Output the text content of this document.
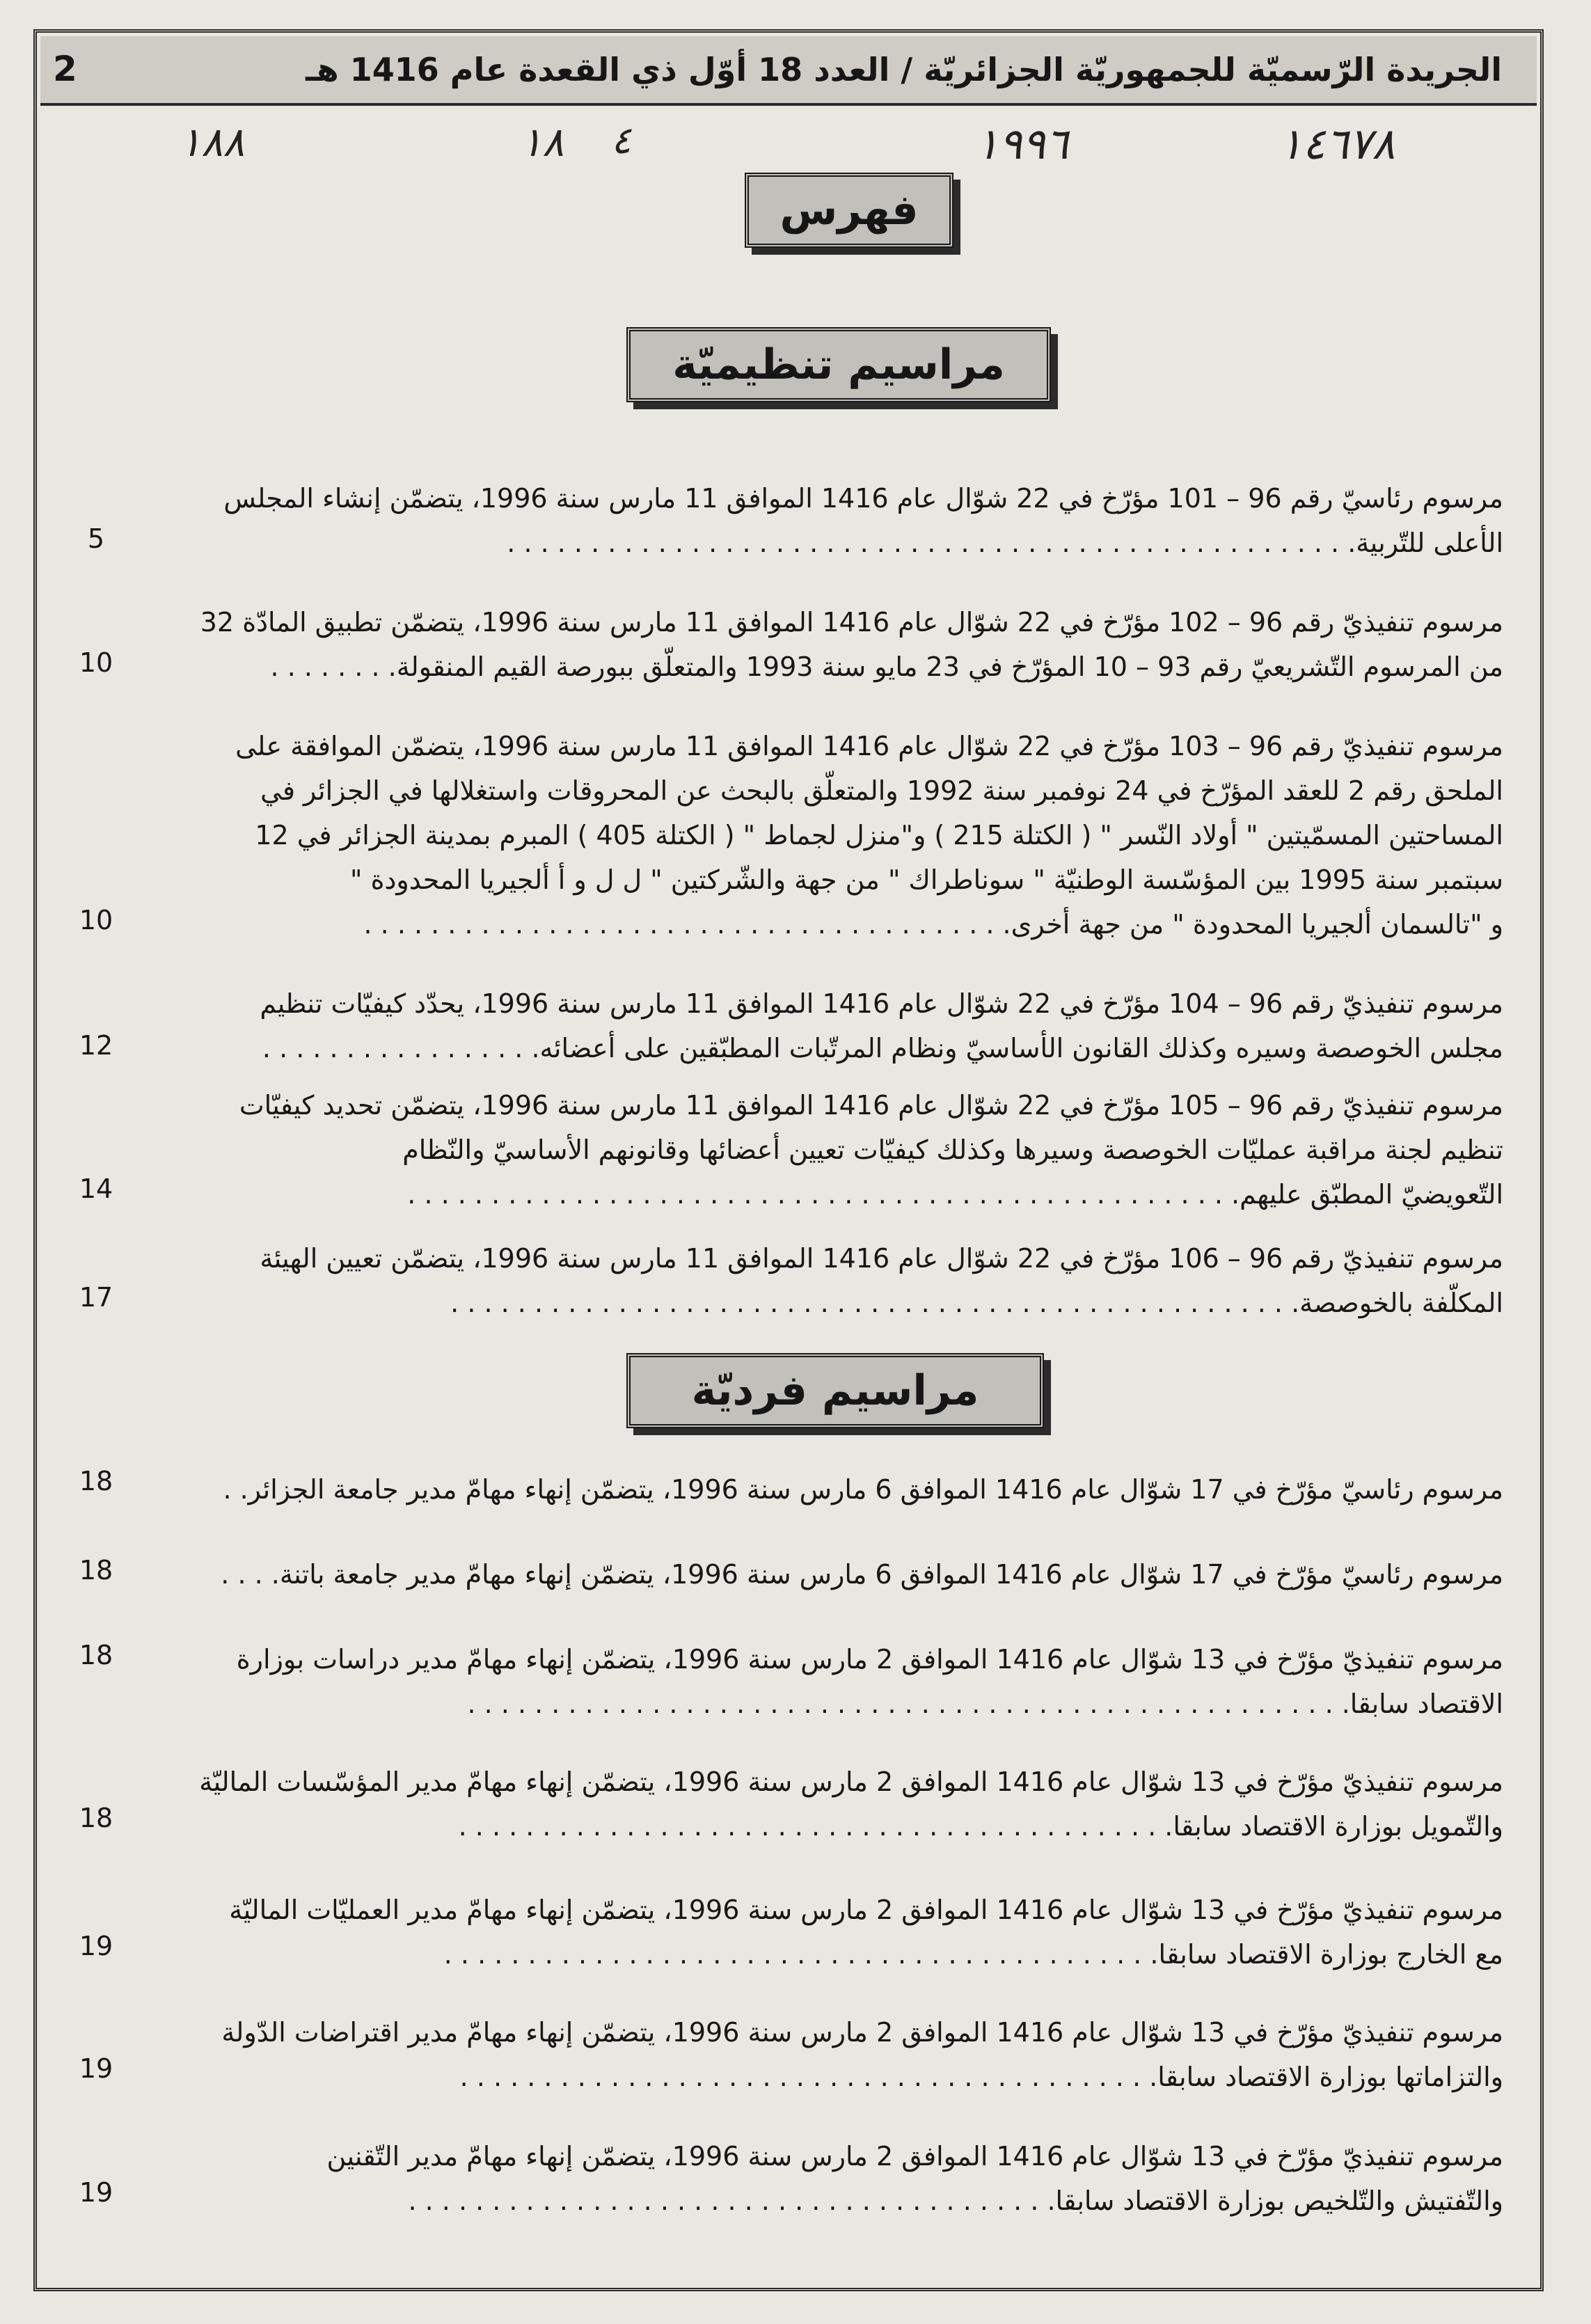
الجريدة الرّسميّة للجمهوريّة الجزائريّة / العدد 18 أوّل ذي القعدة عام 1416 هـ
2
١٨٨	١٨ ٤	١٩٩٦	١٤٦٧٨
فهرس
مراسيم تنظيميّة
مراسيم فرديّة
مرسوم رئاسيّ رقم 96 – 101 مؤرّخ في 22 شوّال عام 1416 الموافق 11 مارس سنة 1996، يتضمّن إنشاء المجلس
الأعلى للتّربية. . . . . . . . . . . . . . . . . . . . . . . . . . . . . . . . . . . . . . . . . . . . . . . . . . .
5
مرسوم تنفيذيّ رقم 96 – 102 مؤرّخ في 22 شوّال عام 1416 الموافق 11 مارس سنة 1996، يتضمّن تطبيق المادّة 32
من المرسوم التّشريعيّ رقم 93 – 10 المؤرّخ في 23 مايو سنة 1993 والمتعلّق ببورصة القيم المنقولة. . . . . . . .
10
مرسوم تنفيذيّ رقم 96 – 103 مؤرّخ في 22 شوّال عام 1416 الموافق 11 مارس سنة 1996، يتضمّن الموافقة على
الملحق رقم 2 للعقد المؤرّخ في 24 نوفمبر سنة 1992 والمتعلّق بالبحث عن المحروقات واستغلالها في الجزائر في
المساحتين المسمّيتين " أولاد النّسر " ( الكتلة 215 ) و"منزل لجماط " ( الكتلة 405 ) المبرم بمدينة الجزائر في 12
سبتمبر سنة 1995 بين المؤسّسة الوطنيّة " سوناطراك " من جهة والشّركتين " ل ل و أ ألجيريا المحدودة "
و "تالسمان ألجيريا المحدودة " من جهة أخرى. . . . . . . . . . . . . . . . . . . . . . . . . . . . . . . . . . . . . . .
10
مرسوم تنفيذيّ رقم 96 – 104 مؤرّخ في 22 شوّال عام 1416 الموافق 11 مارس سنة 1996، يحدّد كيفيّات تنظيم
مجلس الخوصصة وسيره وكذلك القانون الأساسيّ ونظام المرتّبات المطبّقين على أعضائه. . . . . . . . . . . . . . . . .
12
مرسوم تنفيذيّ رقم 96 – 105 مؤرّخ في 22 شوّال عام 1416 الموافق 11 مارس سنة 1996، يتضمّن تحديد كيفيّات
تنظيم لجنة مراقبة عمليّات الخوصصة وسيرها وكذلك كيفيّات تعيين أعضائها وقانونهم الأساسيّ والنّظام
التّعويضيّ المطبّق عليهم. . . . . . . . . . . . . . . . . . . . . . . . . . . . . . . . . . . . . . . . . . . . . . . . . .
14
مرسوم تنفيذيّ رقم 96 – 106 مؤرّخ في 22 شوّال عام 1416 الموافق 11 مارس سنة 1996، يتضمّن تعيين الهيئة
المكلّفة بالخوصصة. . . . . . . . . . . . . . . . . . . . . . . . . . . . . . . . . . . . . . . . . . . . . . . . . . .
17
مرسوم رئاسيّ مؤرّخ في 17 شوّال عام 1416 الموافق 6 مارس سنة 1996، يتضمّن إنهاء مهامّ مدير جامعة الجزائر. .
18
مرسوم رئاسيّ مؤرّخ في 17 شوّال عام 1416 الموافق 6 مارس سنة 1996، يتضمّن إنهاء مهامّ مدير جامعة باتنة. . . .
18
مرسوم تنفيذيّ مؤرّخ في 13 شوّال عام 1416 الموافق 2 مارس سنة 1996، يتضمّن إنهاء مهامّ مدير دراسات بوزارة
الاقتصاد سابقا. . . . . . . . . . . . . . . . . . . . . . . . . . . . . . . . . . . . . . . . . . . . . . . . . . . . .
18
مرسوم تنفيذيّ مؤرّخ في 13 شوّال عام 1416 الموافق 2 مارس سنة 1996، يتضمّن إنهاء مهامّ مدير المؤسّسات الماليّة
والتّمويل بوزارة الاقتصاد سابقا. . . . . . . . . . . . . . . . . . . . . . . . . . . . . . . . . . . . . . . . . . .
18
مرسوم تنفيذيّ مؤرّخ في 13 شوّال عام 1416 الموافق 2 مارس سنة 1996، يتضمّن إنهاء مهامّ مدير العمليّات الماليّة
مع الخارج بوزارة الاقتصاد سابقا. . . . . . . . . . . . . . . . . . . . . . . . . . . . . . . . . . . . . . . . . . .
19
مرسوم تنفيذيّ مؤرّخ في 13 شوّال عام 1416 الموافق 2 مارس سنة 1996، يتضمّن إنهاء مهامّ مدير اقتراضات الدّولة
والتزاماتها بوزارة الاقتصاد سابقا. . . . . . . . . . . . . . . . . . . . . . . . . . . . . . . . . . . . . . . . . .
19
مرسوم تنفيذيّ مؤرّخ في 13 شوّال عام 1416 الموافق 2 مارس سنة 1996، يتضمّن إنهاء مهامّ مدير التّقنين
والتّفتيش والتّلخيص بوزارة الاقتصاد سابقا. . . . . . . . . . . . . . . . . . . . . . . . . . . . . . . . . . . . . . .
19
